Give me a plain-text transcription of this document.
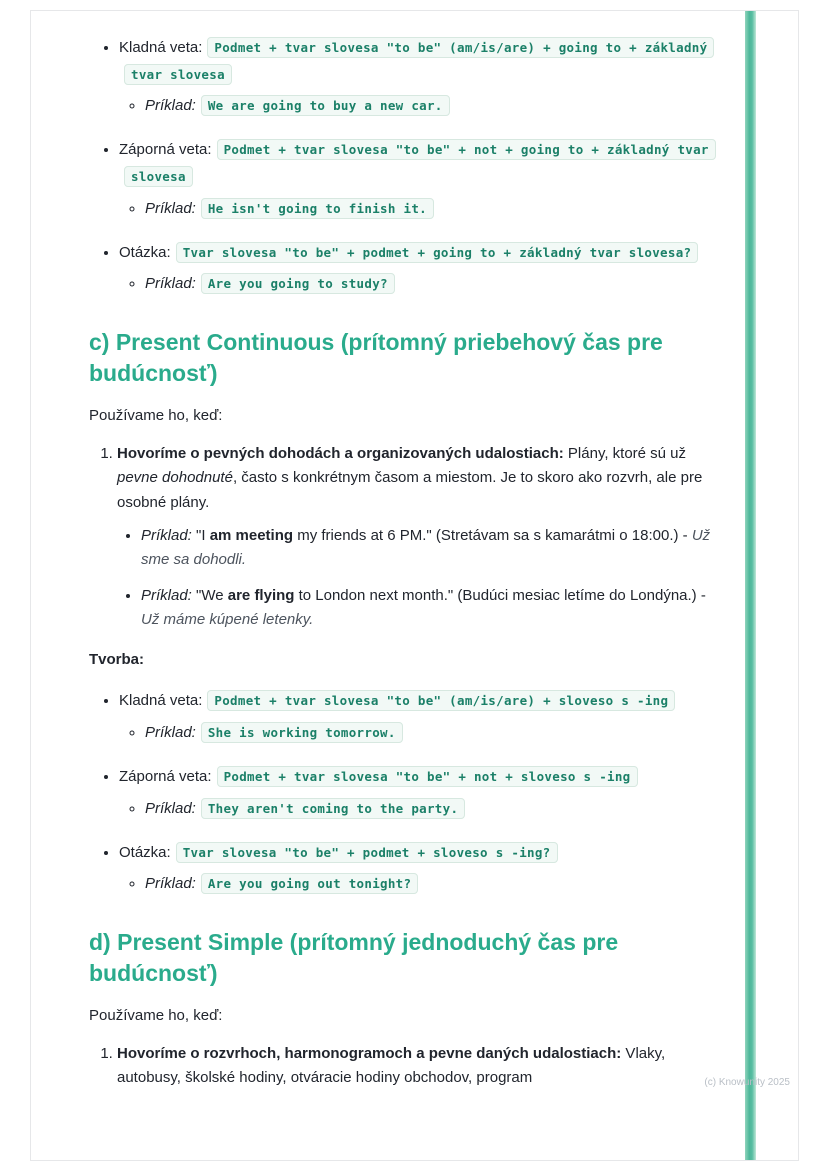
• Kladná veta: Podmet + tvar slovesa "to be" (am/is/are) + going to + základný tvar slovesa
◦ Príklad: We are going to buy a new car.
• Záporná veta: Podmet + tvar slovesa "to be" + not + going to + základný tvar slovesa
◦ Príklad: He isn't going to finish it.
• Otázka: Tvar slovesa "to be" + podmet + going to + základný tvar slovesa?
◦ Príklad: Are you going to study?
c) Present Continuous (prítomný priebehový čas pre budúcnosť)

Používame ho, keď:

1. Hovoríme o pevných dohodách a organizovaných udalostiach: Plány, ktoré sú už pevne dohodnuté, často s konkrétnym časom a miestom. Je to skoro ako rozvrh, ale pre osobné plány.
• Príklad: "I am meeting my friends at 6 PM." (Stretávam sa s kamarátmi o 18:00.) - Už sme sa dohodli.
• Príklad: "We are flying to London next month." (Budúci mesiac letíme do Londýna.) - Už máme kúpené letenky.

Tvorba:

• Kladná veta: Podmet + tvar slovesa "to be" (am/is/are) + sloveso s -ing
◦ Príklad: She is working tomorrow.
• Záporná veta: Podmet + tvar slovesa "to be" + not + sloveso s -ing
◦ Príklad: They aren't coming to the party.
• Otázka: Tvar slovesa "to be" + podmet + sloveso s -ing?
◦ Príklad: Are you going out tonight?
d) Present Simple (prítomný jednoduchý čas pre budúcnosť)

Používame ho, keď:

1. Hovoríme o rozvrhoch, harmonogramoch a pevne daných udalostiach: Vlaky, autobusy, školské hodiny, otváracie hodiny obchodov, program	(c) Knowunity 2025
